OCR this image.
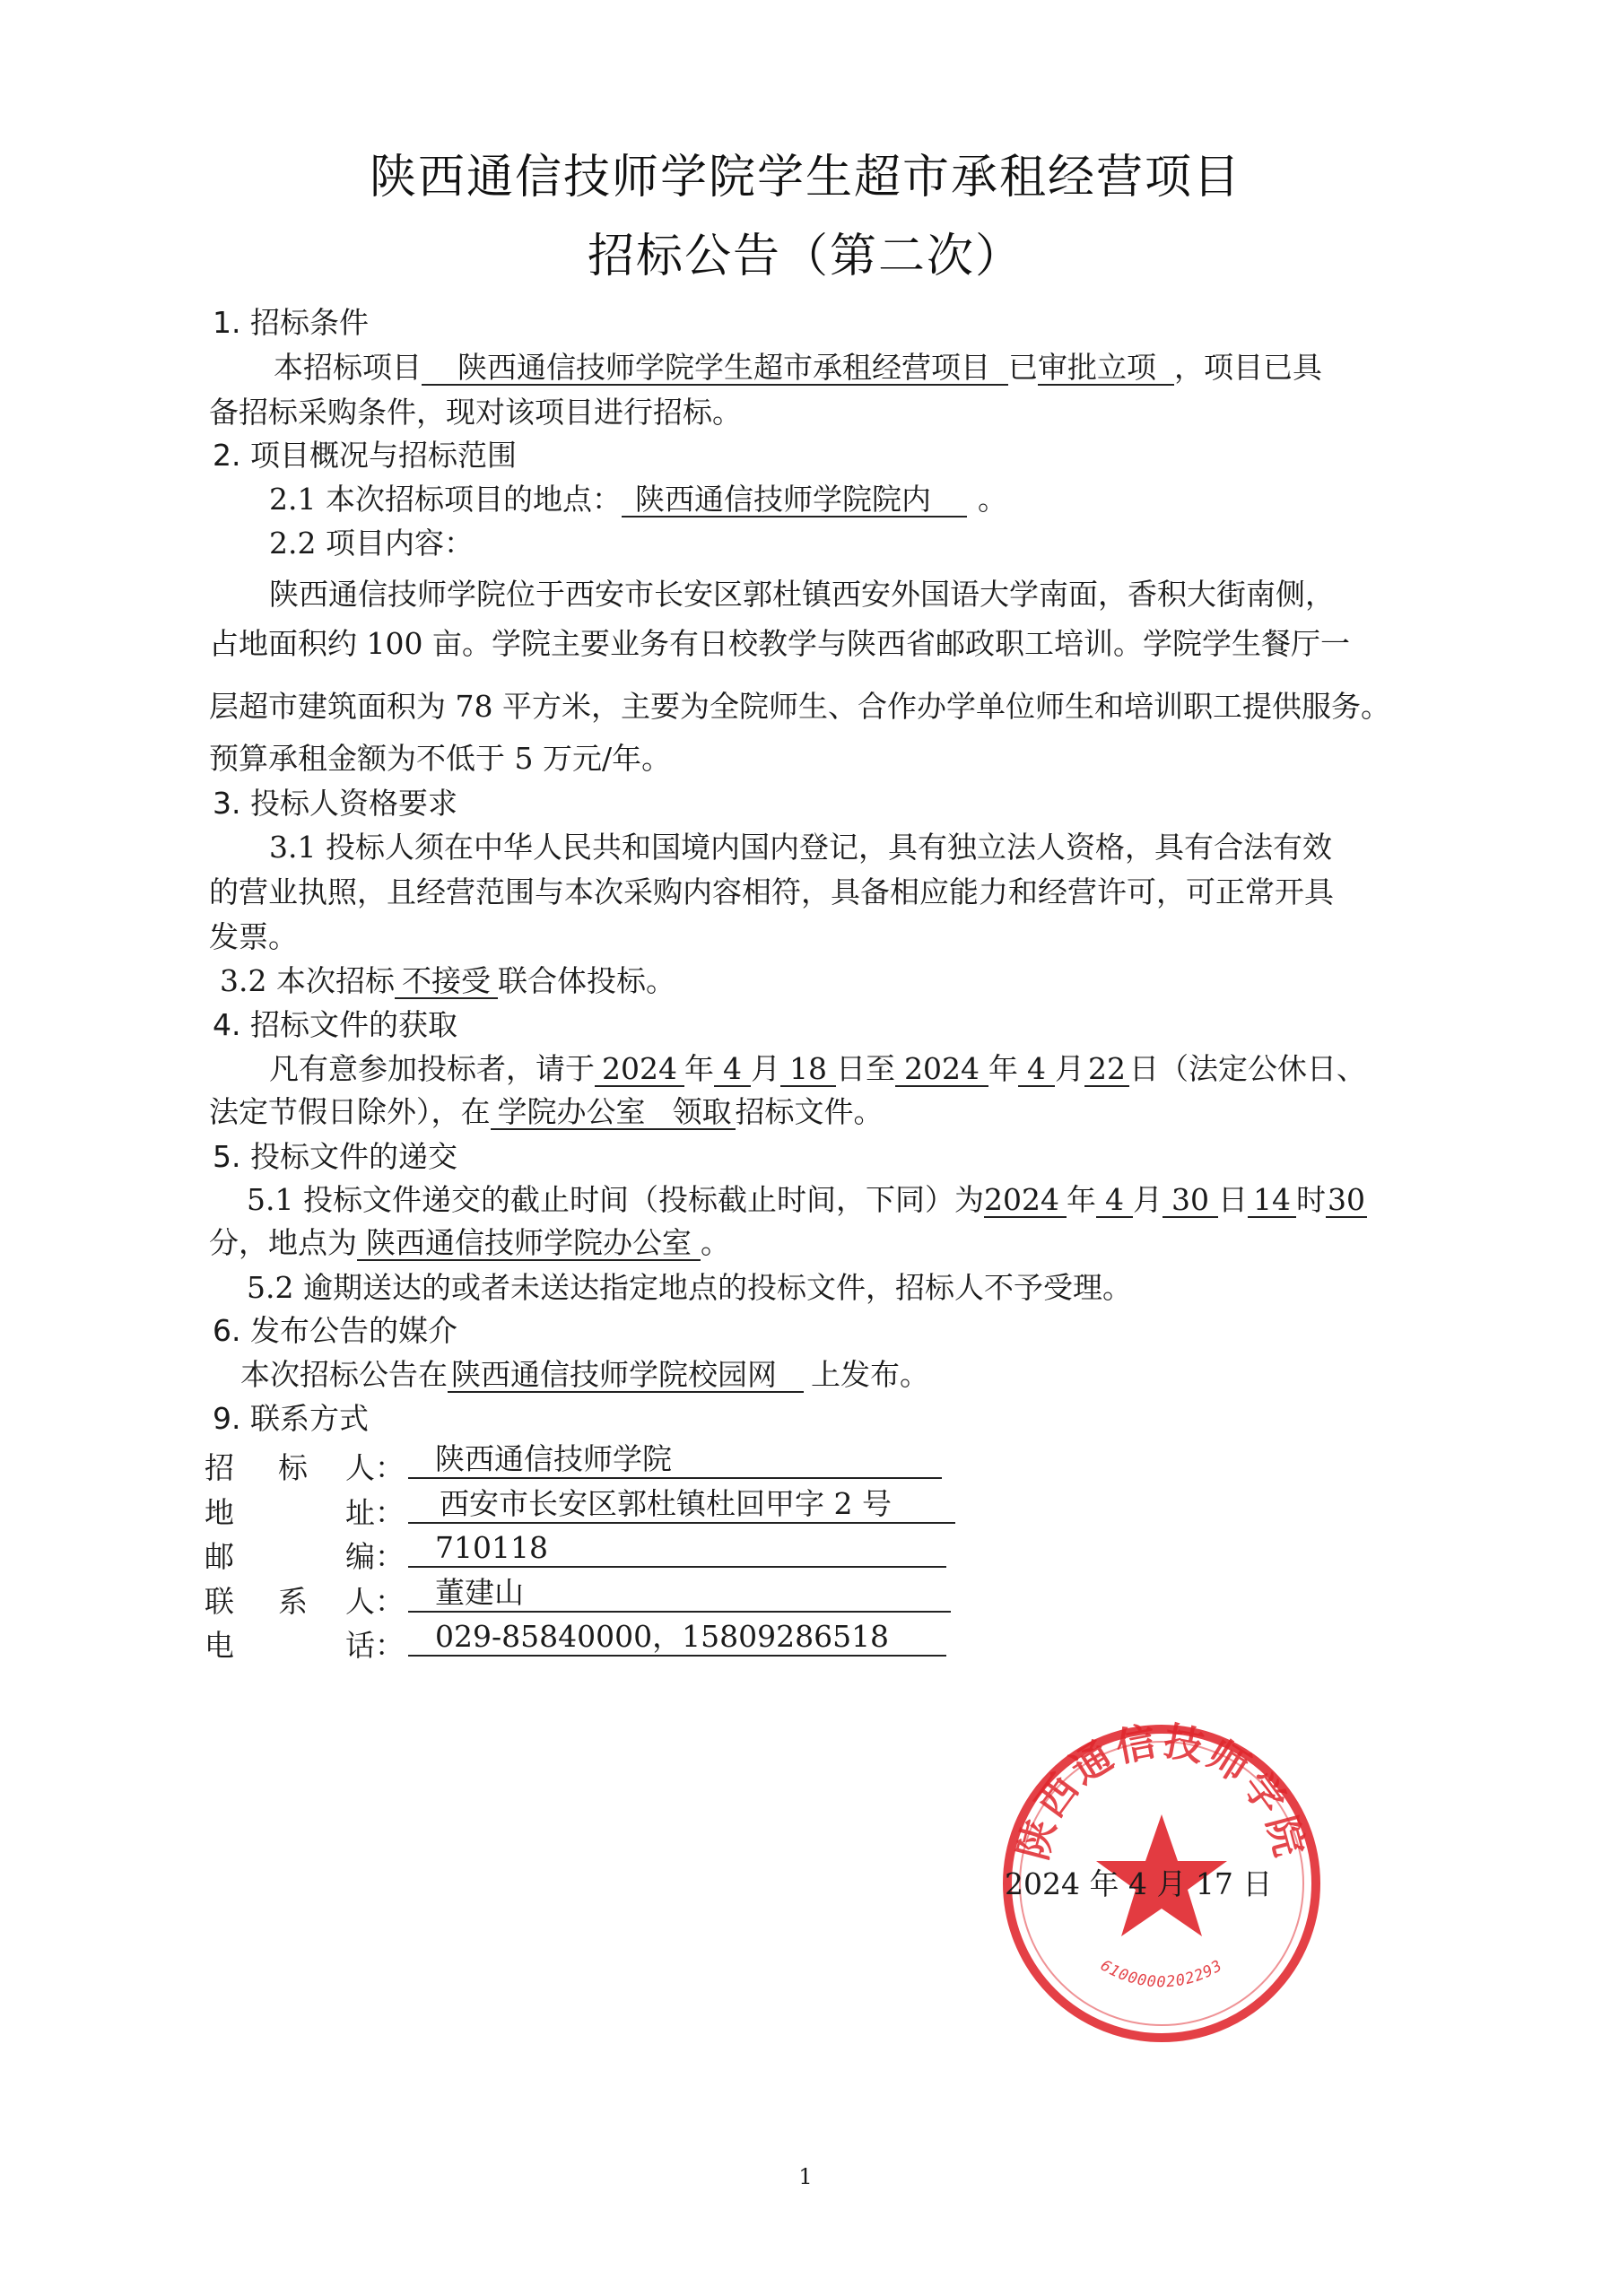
陕西通信技师学院学生超市承租经营项目
招标公告（第二次）
1. 招标条件
本招标项目 陕西通信技师学院学生超市承租经营项目 已审批立项 ，项目已具
备招标采购条件，现对该项目进行招标。
2. 项目概况与招标范围
2.1 本次招标项目的地点： 陕西通信技师学院院内 。
2.2 项目内容：
陕西通信技师学院位于西安市长安区郭杜镇西安外国语大学南面，香积大街南侧，
占地面积约 100 亩。学院主要业务有日校教学与陕西省邮政职工培训。学院学生餐厅一
层超市建筑面积为 78 平方米，主要为全院师生、合作办学单位师生和培训职工提供服务。
预算承租金额为不低于 5 万元/年。
3. 投标人资格要求
3.1 投标人须在中华人民共和国境内国内登记，具有独立法人资格，具有合法有效
的营业执照，且经营范围与本次采购内容相符，具备相应能力和经营许可，可正常开具
发票。
3.2 本次招标 不接受 联合体投标。
4. 招标文件的获取
凡有意参加投标者，请于 2024 年 4 月 18 日至 2024 年 4 月 22 日（法定公休日、
法定节假日除外），在 学院办公室 领取 招标文件。
5. 投标文件的递交
5.1 投标文件递交的截止时间（投标截止时间，下同）为2024 年 4 月 30 日 14 时30
分，地点为 陕西通信技师学院办公室 。
5.2 逾期送达的或者未送达指定地点的投标文件，招标人不予受理。
6. 发布公告的媒介
本次招标公告在 陕西通信技师学院校园网 上发布。
9. 联系方式
招 标 人：	陕西通信技师学院
地	址：	西安市长安区郭杜镇杜回甲字 2 号
邮	编：	710118
联 系 人：	董建山
电	话：	029-85840000，15809286518
陕西通信技师学院
6100000202293
2024 年 4 月 17 日
1
